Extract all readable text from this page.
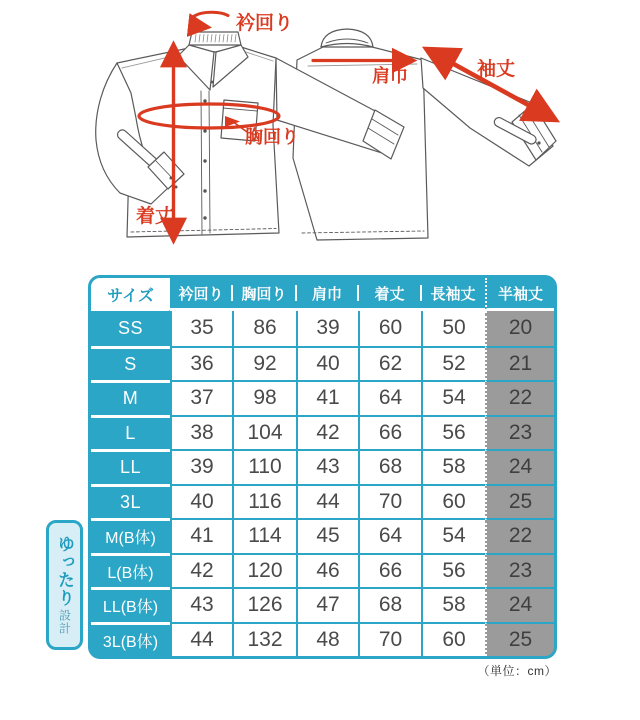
衿回り
着丈
胸回り
肩巾	袖丈
サイズ	衿回り	胸回り	肩巾	着丈	長袖丈	半袖丈
SS	35	86	39	60	50	20
S	36	92	40	62	52	21
M	37	98	41	64	54	22
L	38	104	42	66	56	23
LL	39	110	43	68	58	24
3L	40	116	44	70	60	25
M(B体)	41	114	45	64	54	22
L(B体)	42	120	46	66	56	23
LL(B体)	43	126	47	68	58	24
3L(B体)	44	132	48	70	60	25
ゆったり
設計
（単位：cm）
